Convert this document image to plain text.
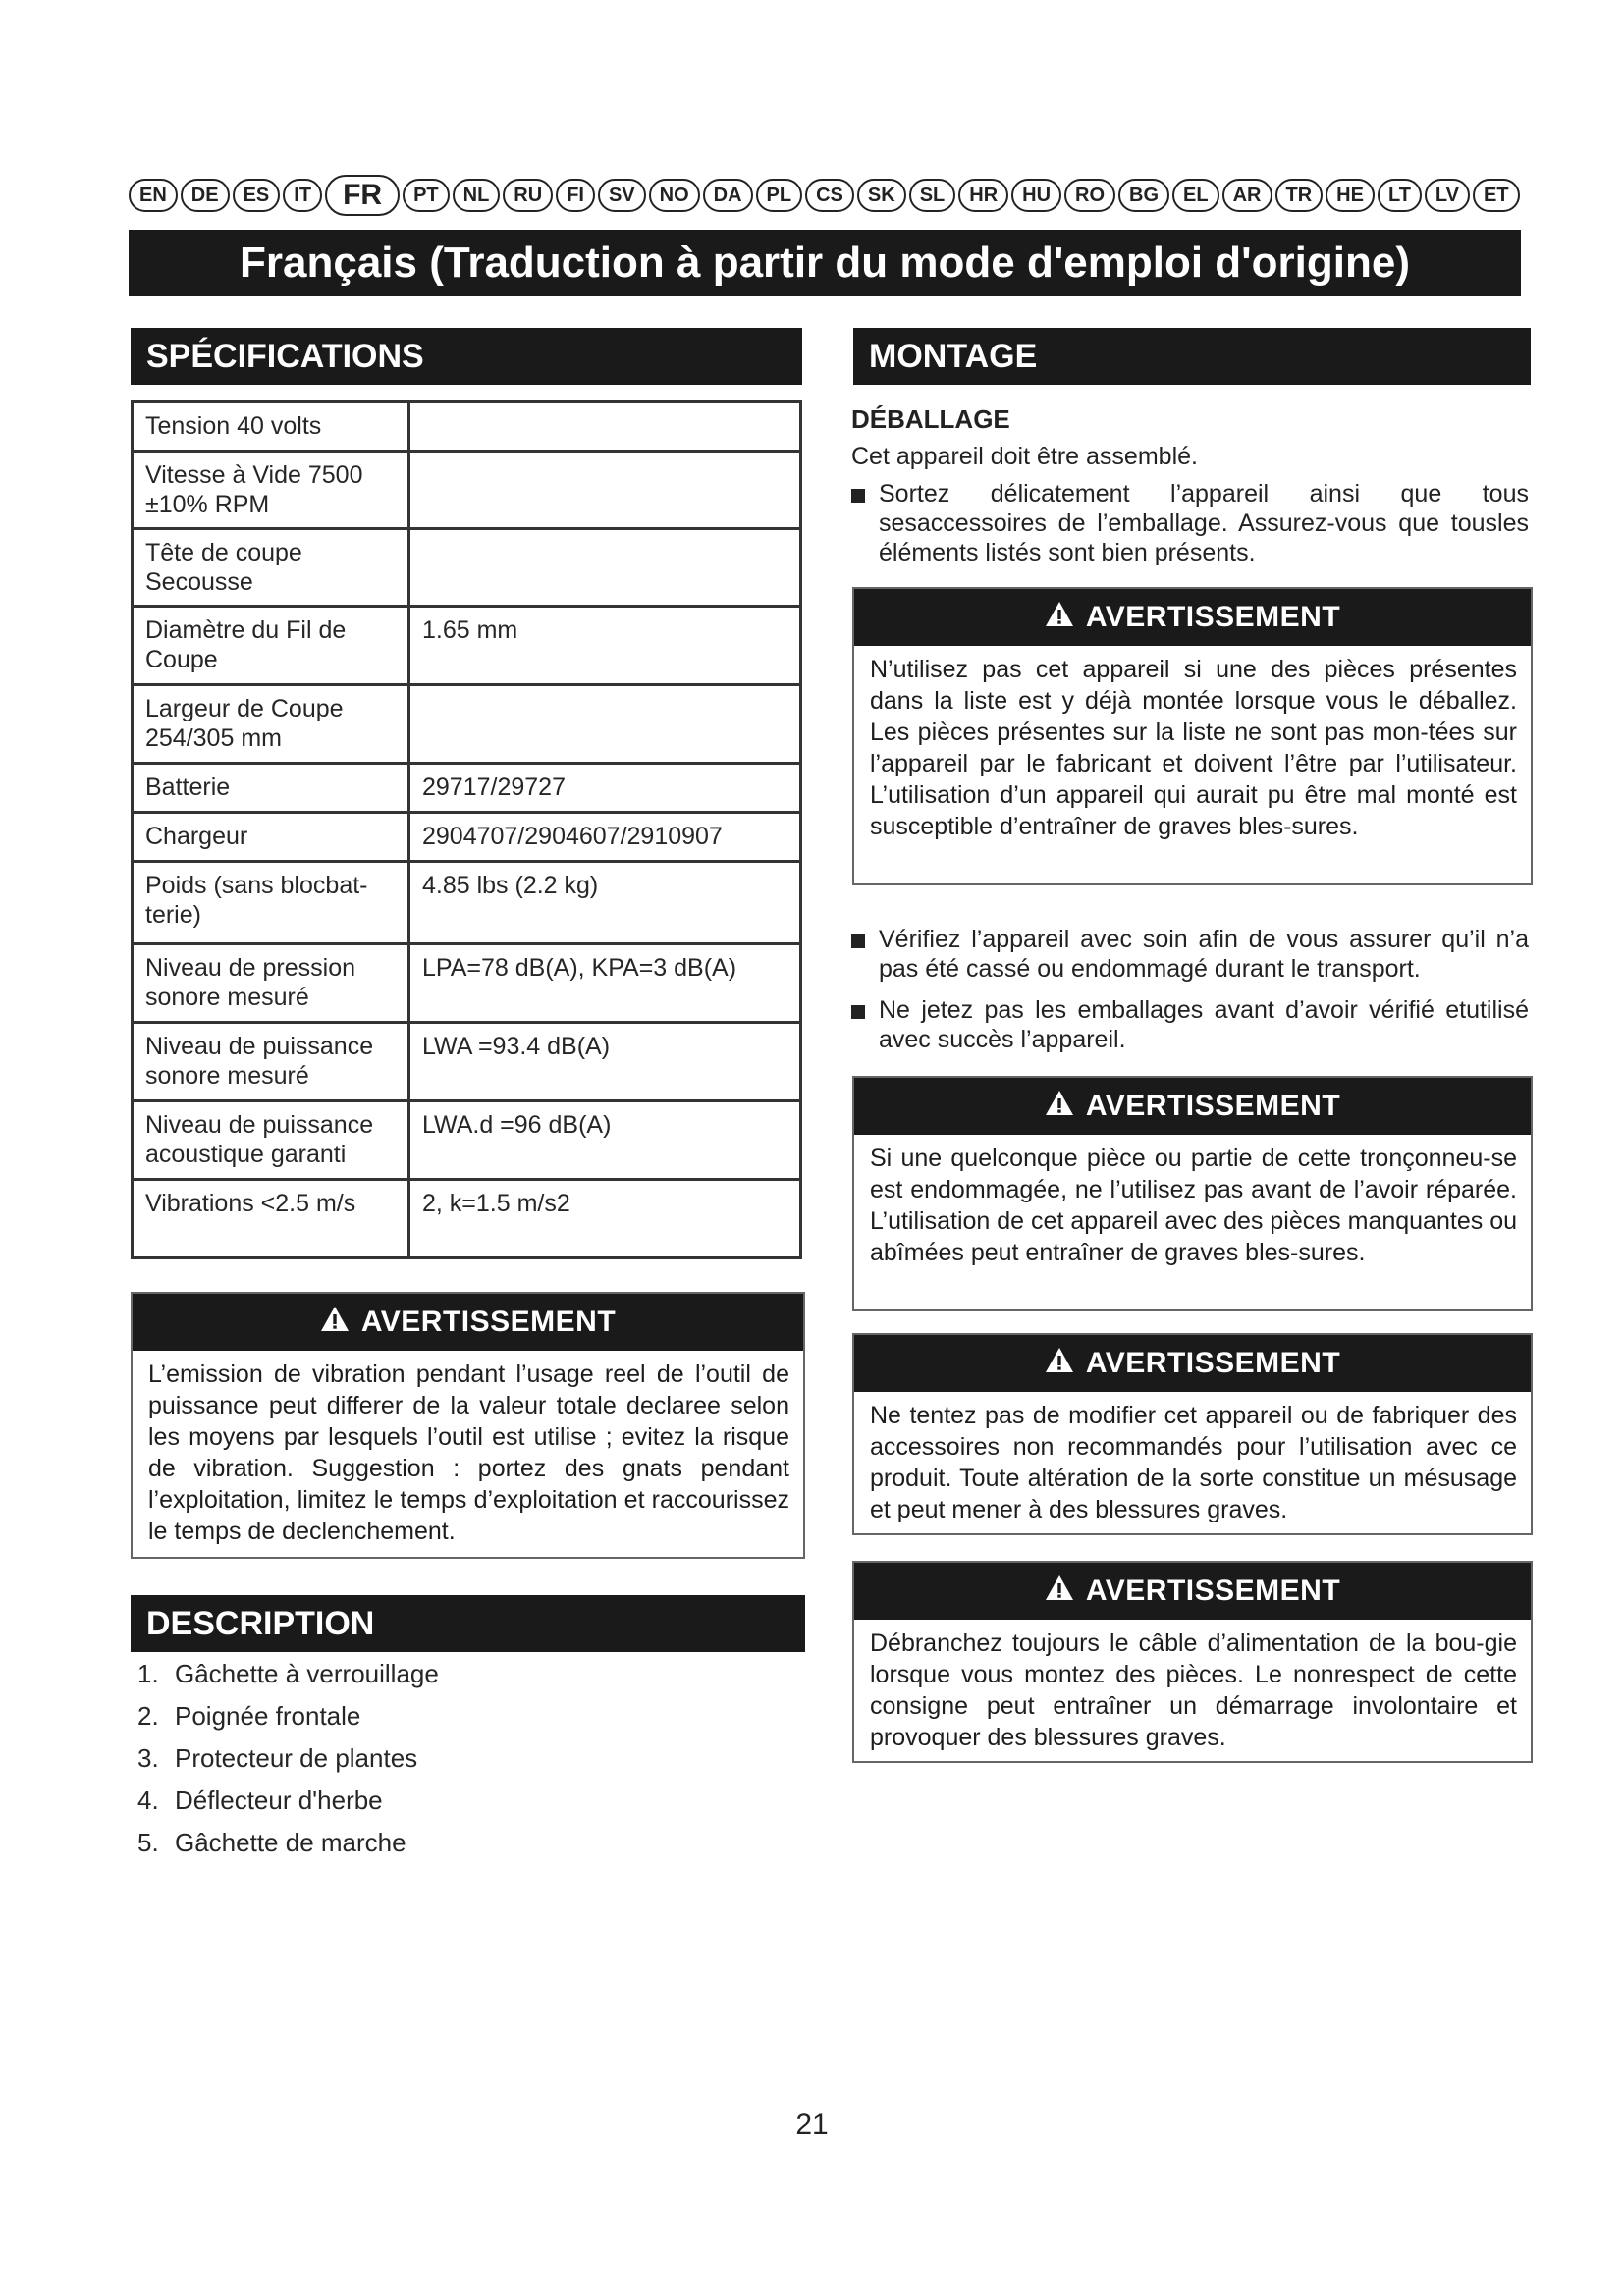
EN	DE	ES	IT	FR	PT	NL	RU	FI	SV	NO	DA	PL	CS	SK	SL	HR	HU	RO	BG	EL	AR	TR	HE	LT	LV	ET
Français (Traduction à partir du mode d'emploi d'origine)
SPÉCIFICATIONS
Tension 40 volts	
Vitesse à Vide 7500 ±10% RPM	
Tête de coupe Secousse	
Diamètre du Fil de Coupe	1.65 mm
Largeur de Coupe 254/305 mm	
Batterie	29717/29727
Chargeur	2904707/2904607/2910907
Poids (sans blocbat-terie)	4.85 lbs (2.2 kg)
Niveau de pression sonore mesuré	LPA=78 dB(A), KPA=3 dB(A)
Niveau de puissance sonore mesuré	LWA =93.4 dB(A)
Niveau de puissance acoustique garanti	LWA.d =96 dB(A)
Vibrations <2.5 m/s	2, k=1.5 m/s2
AVERTISSEMENT
L’emission de vibration pendant l’usage reel de l’outil de puissance peut differer de la valeur totale declaree selon les moyens par lesquels l’outil est utilise ; evitez la risque de vibration. Suggestion : portez des gnats pendant l’exploitation, limitez le temps d’exploitation et raccourissez le temps de declenchement.
DESCRIPTION
1. Gâchette à verrouillage
2. Poignée frontale
3. Protecteur de plantes
4. Déflecteur d'herbe
5. Gâchette de marche
MONTAGE
DÉBALLAGE
Cet appareil doit être assemblé.
Sortez délicatement l’appareil ainsi que tous sesaccessoires de l’emballage. Assurez-vous que tousles éléments listés sont bien présents.
AVERTISSEMENT
N’utilisez pas cet appareil si une des pièces présentes dans la liste est y déjà montée lorsque vous le déballez. Les pièces présentes sur la liste ne sont pas mon-tées sur l’appareil par le fabricant et doivent l’être par l’utilisateur. L’utilisation d’un appareil qui aurait pu être mal monté est susceptible d’entraîner de graves bles-sures.
Vérifiez l’appareil avec soin afin de vous assurer qu’il n’a pas été cassé ou endommagé durant le transport.
Ne jetez pas les emballages avant d’avoir vérifié etutilisé avec succès l’appareil.
AVERTISSEMENT
Si une quelconque pièce ou partie de cette tronçonneu-se est endommagée, ne l’utilisez pas avant de l’avoir réparée. L’utilisation de cet appareil avec des pièces manquantes ou abîmées peut entraîner de graves bles-sures.
AVERTISSEMENT
Ne tentez pas de modifier cet appareil ou de fabriquer des accessoires non recommandés pour l’utilisation avec ce produit. Toute altération de la sorte constitue un mésusage et peut mener à des blessures graves.
AVERTISSEMENT
Débranchez toujours le câble d’alimentation de la bou-gie lorsque vous montez des pièces. Le nonrespect de cette consigne peut entraîner un démarrage involontaire et provoquer des blessures graves.
21
